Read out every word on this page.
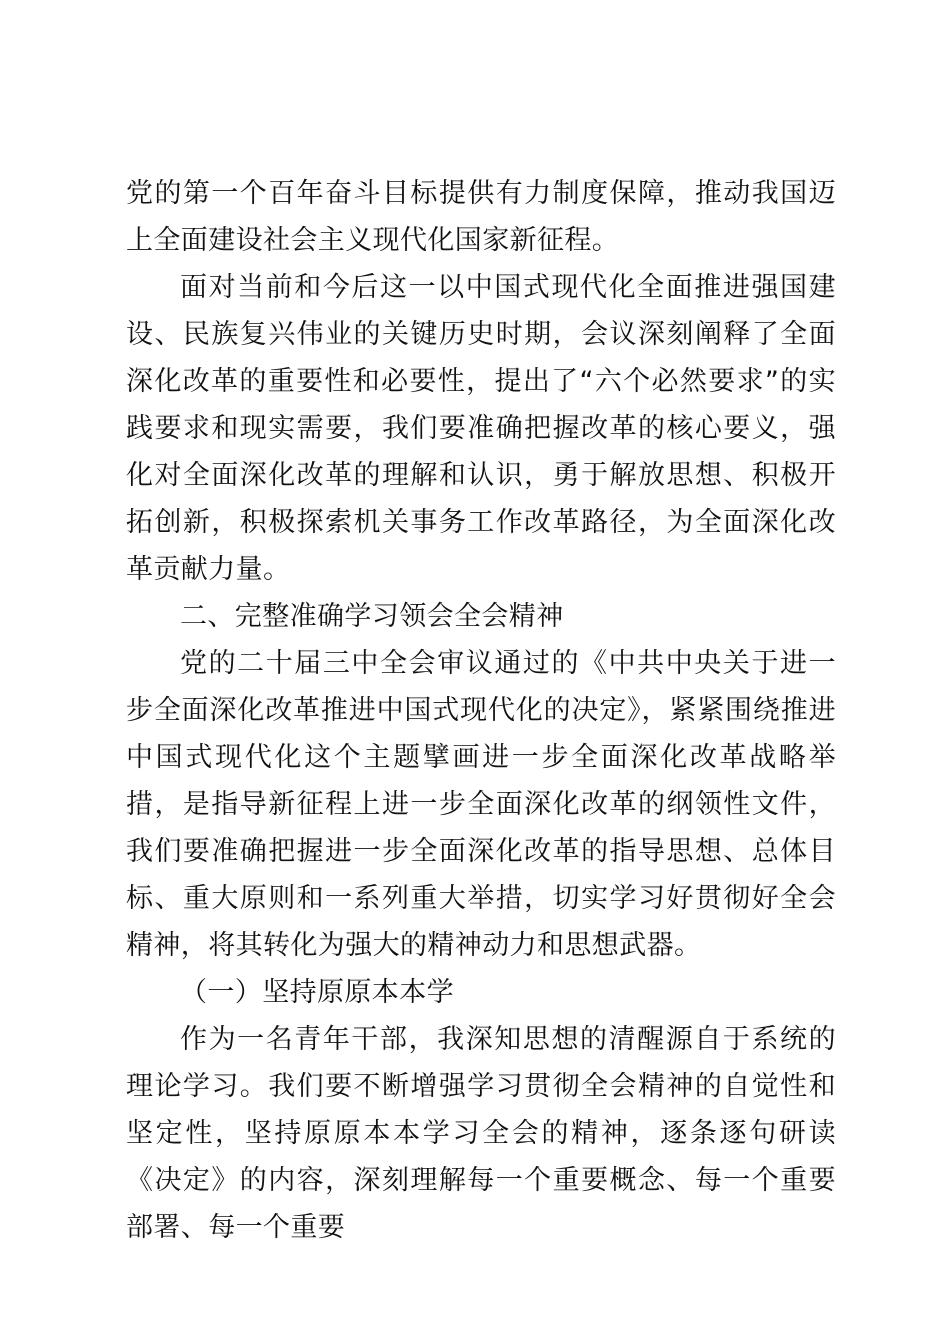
党的第一个百年奋斗目标提供有力制度保障，推动我国迈上全面建设社会主义现代化国家新征程。

面对当前和今后这一以中国式现代化全面推进强国建设、民族复兴伟业的关键历史时期，会议深刻阐释了全面深化改革的重要性和必要性，提出了“六个必然要求”的实践要求和现实需要，我们要准确把握改革的核心要义，强化对全面深化改革的理解和认识，勇于解放思想、积极开拓创新，积极探索机关事务工作改革路径，为全面深化改革贡献力量。

二、完整准确学习领会全会精神

党的二十届三中全会审议通过的《中共中央关于进一步全面深化改革推进中国式现代化的决定》，紧紧围绕推进中国式现代化这个主题擘画进一步全面深化改革战略举措，是指导新征程上进一步全面深化改革的纲领性文件，我们要准确把握进一步全面深化改革的指导思想、总体目标、重大原则和一系列重大举措，切实学习好贯彻好全会精神，将其转化为强大的精神动力和思想武器。

（一）坚持原原本本学

作为一名青年干部，我深知思想的清醒源自于系统的理论学习。我们要不断增强学习贯彻全会精神的自觉性和坚定性，坚持原原本本学习全会的精神，逐条逐句研读《决定》的内容，深刻理解每一个重要概念、每一个重要部署、每一个重要
